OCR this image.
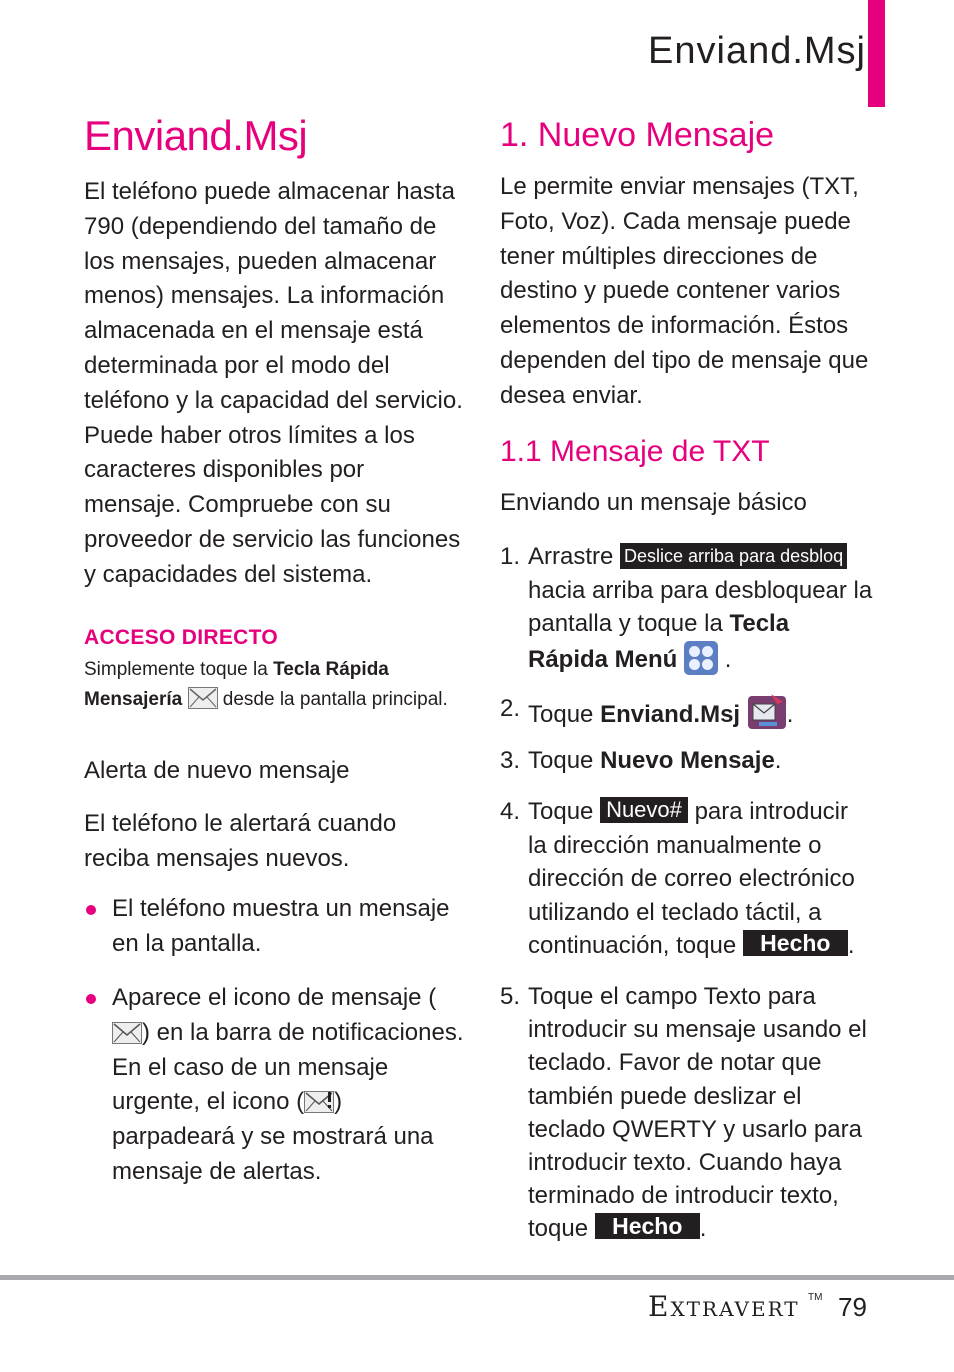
Enviand.Msj
Enviand.Msj
El teléfono puede almacenar hasta 790 (dependiendo del tamaño de los mensajes, pueden almacenar menos) mensajes. La información almacenada en el mensaje está determinada por el modo del teléfono y la capacidad del servicio. Puede haber otros límites a los caracteres disponibles por mensaje. Compruebe con su proveedor de servicio las funciones y capacidades del sistema.
ACCESO DIRECTO
Simplemente toque la Tecla Rápida Mensajería
desde la pantalla principal.
Alerta de nuevo mensaje
El teléfono le alertará cuando reciba mensajes nuevos.
El teléfono muestra un mensaje en la pantalla.
Aparece el icono de mensaje (
) en la barra de notificaciones. En el caso de un mensaje urgente, el icono ( ) parpadeará y se mostrará una mensaje de alertas.
1. Nuevo Mensaje
Le permite enviar mensajes (TXT, Foto, Voz). Cada mensaje puede tener múltiples direcciones de destino y puede contener varios elementos de información. Éstos dependen del tipo de mensaje que desea enviar.
1.1 Mensaje de TXT
Enviando un mensaje básico
1. Arrastre Deslice arriba para desbloq hacia arriba para desbloquear la pantalla y toque la Tecla Rápida Menú .
2. Toque Enviand.Msj .
3. Toque Nuevo Mensaje.
4. Toque Nuevo# para introducir la dirección manualmente o dirección de correo electrónico utilizando el teclado táctil, a continuación, toque Hecho .
5. Toque el campo Texto para introducir su mensaje usando el teclado. Favor de notar que también puede deslizar el teclado QWERTY y usarlo para introducir texto. Cuando haya terminado de introducir texto, toque Hecho .
Extravert TM 79
